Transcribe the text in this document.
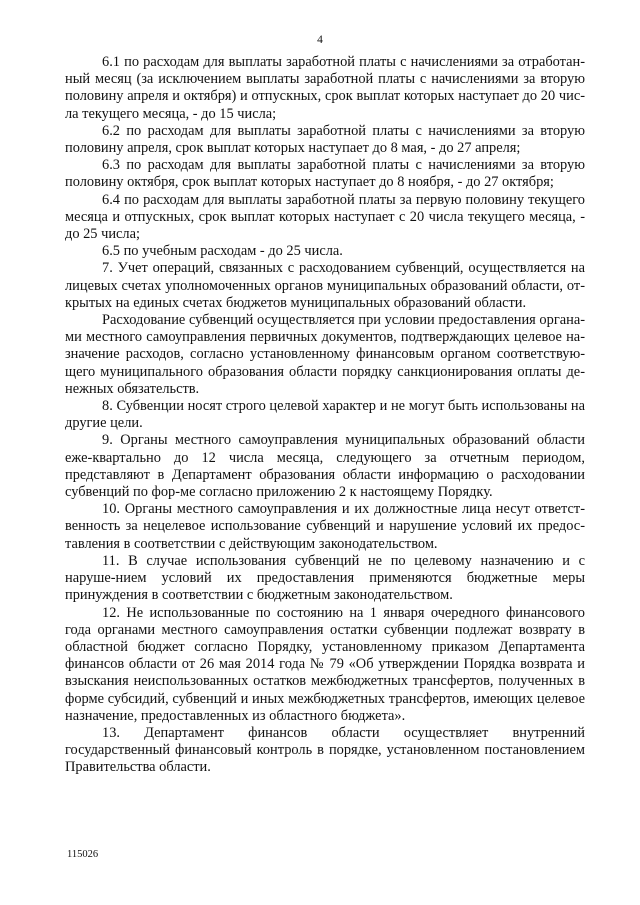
4

6.1 по расходам для выплаты заработной платы с начислениями за отработан-ный месяц (за исключением выплаты заработной платы с начислениями за вторую половину апреля и октября) и отпускных, срок выплат которых наступает до 20 чис-ла текущего месяца, - до 15 числа;

6.2 по расходам для выплаты заработной платы с начислениями за вторую половину апреля, срок выплат которых наступает до 8 мая, - до 27 апреля;

6.3 по расходам для выплаты заработной платы с начислениями за вторую половину октября, срок выплат которых наступает до 8 ноября, - до 27 октября;

6.4 по расходам для выплаты заработной платы за первую половину текущего месяца и отпускных, срок выплат которых наступает с 20 числа текущего месяца, - до 25 числа;

6.5 по учебным расходам - до 25 числа.

7. Учет операций, связанных с расходованием субвенций, осуществляется на лицевых счетах уполномоченных органов муниципальных образований области, от-крытых на единых счетах бюджетов муниципальных образований области.

Расходование субвенций осуществляется при условии предоставления органа-ми местного самоуправления первичных документов, подтверждающих целевое на-значение расходов, согласно установленному финансовым органом соответствую-щего муниципального образования области порядку санкционирования оплаты де-нежных обязательств.

8. Субвенции носят строго целевой характер и не могут быть использованы на другие цели.

9. Органы местного самоуправления муниципальных образований области еже-квартально до 12 числа месяца, следующего за отчетным периодом, представляют в Департамент образования области информацию о расходовании субвенций по фор-ме согласно приложению 2 к настоящему Порядку.

10. Органы местного самоуправления и их должностные лица несут ответст-венность за нецелевое использование субвенций и нарушение условий их предос-тавления в соответствии с действующим законодательством.

11. В случае использования субвенций не по целевому назначению и с наруше-нием условий их предоставления применяются бюджетные меры принуждения в соответствии с бюджетным законодательством.

12. Не использованные по состоянию на 1 января очередного финансового года органами местного самоуправления остатки субвенции подлежат возврату в областной бюджет согласно Порядку, установленному приказом Департамента финансов области от 26 мая 2014 года № 79 «Об утверждении Порядка возврата и взыскания неиспользованных остатков межбюджетных трансфертов, полученных в форме субсидий, субвенций и иных межбюджетных трансфертов, имеющих целевое назначение, предоставленных из областного бюджета».

13. Департамент финансов области осуществляет внутренний государственный финансовый контроль в порядке, установленном постановлением Правительства области.

115026
